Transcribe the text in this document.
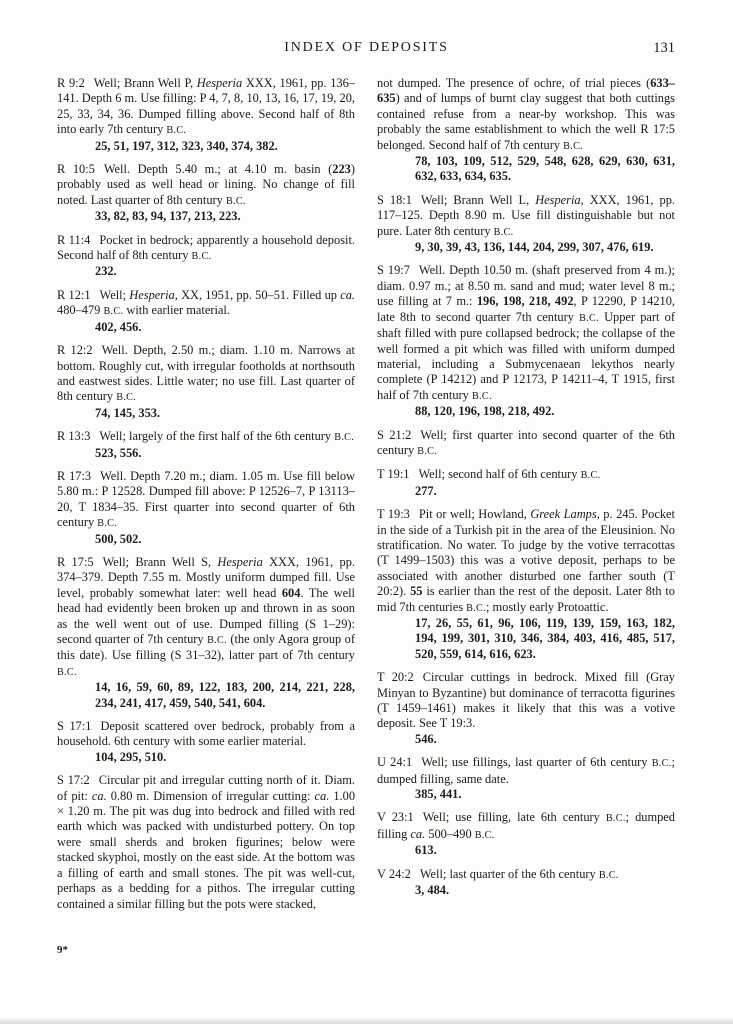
INDEX OF DEPOSITS	131

R 9:2 Well; Brann Well P, Hesperia XXX, 1961, pp. 136–141. Depth 6 m. Use filling: P 4, 7, 8, 10, 13, 16, 17, 19, 20, 25, 33, 34, 36. Dumped filling above. Second half of 8th into early 7th century B.C.

25, 51, 197, 312, 323, 340, 374, 382.

R 10:5 Well. Depth 5.40 m.; at 4.10 m. basin (223) probably used as well head or lining. No change of fill noted. Last quarter of 8th century B.C.

33, 82, 83, 94, 137, 213, 223.

R 11:4 Pocket in bedrock; apparently a household deposit. Second half of 8th century B.C.

232.

R 12:1 Well; Hesperia, XX, 1951, pp. 50–51. Filled up ca. 480–479 B.C. with earlier material.

402, 456.

R 12:2 Well. Depth, 2.50 m.; diam. 1.10 m. Narrows at bottom. Roughly cut, with irregular footholds at northsouth and eastwest sides. Little water; no use fill. Last quarter of 8th century B.C.

74, 145, 353.

R 13:3 Well; largely of the first half of the 6th century B.C.

523, 556.

R 17:3 Well. Depth 7.20 m.; diam. 1.05 m. Use fill below 5.80 m.: P 12528. Dumped fill above: P 12526–7, P 13113–20, T 1834–35. First quarter into second quarter of 6th century B.C.

500, 502.

R 17:5 Well; Brann Well S, Hesperia XXX, 1961, pp. 374–379. Depth 7.55 m. Mostly uniform dumped fill. Use level, probably somewhat later: well head 604. The well head had evidently been broken up and thrown in as soon as the well went out of use. Dumped filling (S 1–29): second quarter of 7th century B.C. (the only Agora group of this date). Use filling (S 31–32), latter part of 7th century B.C.

14, 16, 59, 60, 89, 122, 183, 200, 214, 221, 228, 234, 241, 417, 459, 540, 541, 604.

S 17:1 Deposit scattered over bedrock, probably from a household. 6th century with some earlier material.

104, 295, 510.

S 17:2 Circular pit and irregular cutting north of it. Diam. of pit: ca. 0.80 m. Dimension of irregular cutting: ca. 1.00 × 1.20 m. The pit was dug into bedrock and filled with red earth which was packed with undisturbed pottery. On top were small sherds and broken figurines; below were stacked skyphoi, mostly on the east side. At the bottom was a filling of earth and small stones. The pit was well-cut, perhaps as a bedding for a pithos. The irregular cutting contained a similar filling but the pots were stacked,

not dumped. The presence of ochre, of trial pieces (633–635) and of lumps of burnt clay suggest that both cuttings contained refuse from a near-by workshop. This was probably the same establishment to which the well R 17:5 belonged. Second half of 7th century B.C.

78, 103, 109, 512, 529, 548, 628, 629, 630, 631, 632, 633, 634, 635.

S 18:1 Well; Brann Well L, Hesperia, XXX, 1961, pp. 117–125. Depth 8.90 m. Use fill distinguishable but not pure. Later 8th century B.C.

9, 30, 39, 43, 136, 144, 204, 299, 307, 476, 619.

S 19:7 Well. Depth 10.50 m. (shaft preserved from 4 m.); diam. 0.97 m.; at 8.50 m. sand and mud; water level 8 m.; use filling at 7 m.: 196, 198, 218, 492, P 12290, P 14210, late 8th to second quarter 7th century B.C. Upper part of shaft filled with pure collapsed bedrock; the collapse of the well formed a pit which was filled with uniform dumped material, including a Submycenaean lekythos nearly complete (P 14212) and P 12173, P 14211–4, T 1915, first half of 7th century B.C.

88, 120, 196, 198, 218, 492.

S 21:2 Well; first quarter into second quarter of the 6th century B.C.

T 19:1 Well; second half of 6th century B.C.

277.

T 19:3 Pit or well; Howland, Greek Lamps, p. 245. Pocket in the side of a Turkish pit in the area of the Eleusinion. No stratification. No water. To judge by the votive terracottas (T 1499–1503) this was a votive deposit, perhaps to be associated with another disturbed one farther south (T 20:2). 55 is earlier than the rest of the deposit. Later 8th to mid 7th centuries B.C.; mostly early Protoattic.

17, 26, 55, 61, 96, 106, 119, 139, 159, 163, 182, 194, 199, 301, 310, 346, 384, 403, 416, 485, 517, 520, 559, 614, 616, 623.

T 20:2 Circular cuttings in bedrock. Mixed fill (Gray Minyan to Byzantine) but dominance of terracotta figurines (T 1459–1461) makes it likely that this was a votive deposit. See T 19:3.

546.

U 24:1 Well; use fillings, last quarter of 6th century B.C.; dumped filling, same date.

385, 441.

V 23:1 Well; use filling, late 6th century B.C.; dumped filling ca. 500–490 B.C.

613.

V 24:2 Well; last quarter of the 6th century B.C.

3, 484.

9*
